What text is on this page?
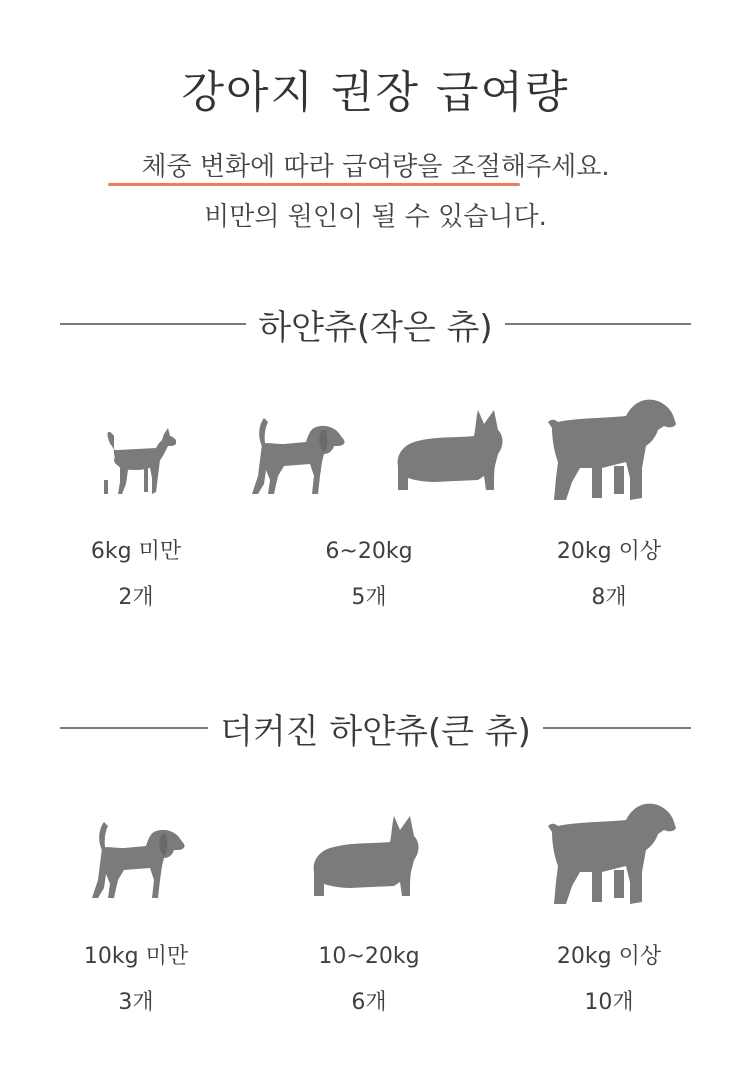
강아지 권장 급여량
체중 변화에 따라 급여량을 조절해주세요.
비만의 원인이 될 수 있습니다.
하얀츄(작은 츄)
6kg 미만
2개
6~20kg
5개
20kg 이상
8개
더커진 하얀츄(큰 츄)
10kg 미만
3개
10~20kg
6개
20kg 이상
10개
